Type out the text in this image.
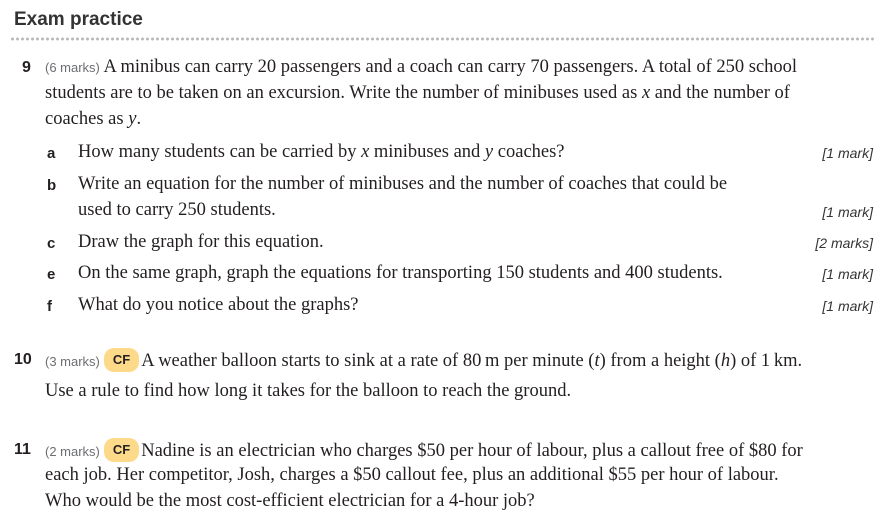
Exam practice
9 (6 marks) A minibus can carry 20 passengers and a coach can carry 70 passengers. A total of 250 school
students are to be taken on an excursion. Write the number of minibuses used as x and the number of
coaches as y.
a How many students can be carried by x minibuses and y coaches?	[1 mark]
b Write an equation for the number of minibuses and the number of coaches that could be
used to carry 250 students.	[1 mark]
c Draw the graph for this equation.	[2 marks]
e On the same graph, graph the equations for transporting 150 students and 400 students.	[1 mark]
f What do you notice about the graphs?	[1 mark]
10 (3 marks) CF A weather balloon starts to sink at a rate of 80 m per minute (t) from a height (h) of 1 km.
Use a rule to find how long it takes for the balloon to reach the ground.
11 (2 marks) CF Nadine is an electrician who charges $50 per hour of labour, plus a callout free of $80 for
each job. Her competitor, Josh, charges a $50 callout fee, plus an additional $55 per hour of labour.
Who would be the most cost-efficient electrician for a 4-hour job?
